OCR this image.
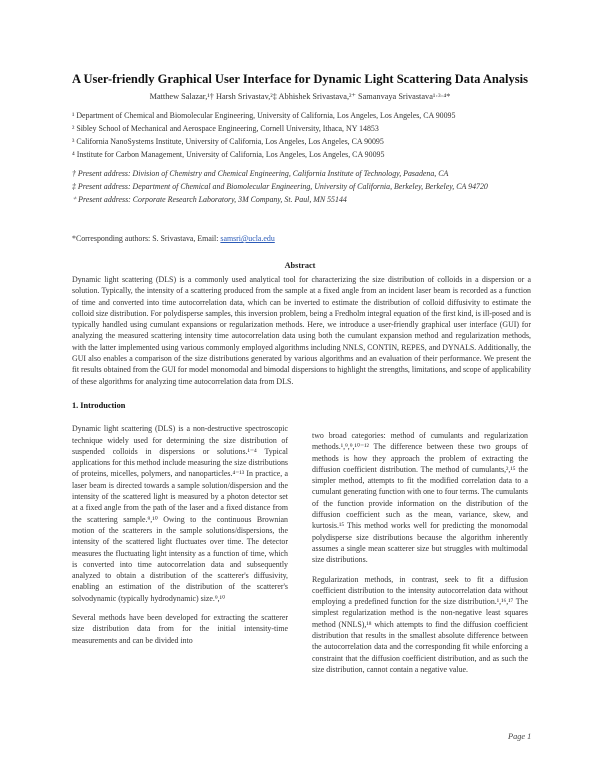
A User-friendly Graphical User Interface for Dynamic Light Scattering Data Analysis
Matthew Salazar,¹† Harsh Srivastav,²‡ Abhishek Srivastava,²⁺ Samanvaya Srivastava¹·³·⁴*
¹ Department of Chemical and Biomolecular Engineering, University of California, Los Angeles, Los Angeles, CA 90095
² Sibley School of Mechanical and Aerospace Engineering, Cornell University, Ithaca, NY 14853
³ California NanoSystems Institute, University of California, Los Angeles, Los Angeles, CA 90095
⁴ Institute for Carbon Management, University of California, Los Angeles, Los Angeles, CA 90095
† Present address: Division of Chemistry and Chemical Engineering, California Institute of Technology, Pasadena, CA
‡ Present address: Department of Chemical and Biomolecular Engineering, University of California, Berkeley, Berkeley, CA 94720
⁺ Present address: Corporate Research Laboratory, 3M Company, St. Paul, MN 55144
*Corresponding authors: S. Srivastava, Email: samsri@ucla.edu
Abstract

Dynamic light scattering (DLS) is a commonly used analytical tool for characterizing the size distribution of colloids in a dispersion or a solution. Typically, the intensity of a scattering produced from the sample at a fixed angle from an incident laser beam is recorded as a function of time and converted into time autocorrelation data, which can be inverted to estimate the distribution of colloid diffusivity to estimate the colloid size distribution. For polydisperse samples, this inversion problem, being a Fredholm integral equation of the first kind, is ill-posed and is typically handled using cumulant expansions or regularization methods. Here, we introduce a user-friendly graphical user interface (GUI) for analyzing the measured scattering intensity time autocorrelation data using both the cumulant expansion method and regularization methods, with the latter implemented using various commonly employed algorithms including NNLS, CONTIN, REPES, and DYNALS. Additionally, the GUI also enables a comparison of the size distributions generated by various algorithms and an evaluation of their performance. We present the fit results obtained from the GUI for model monomodal and bimodal dispersions to highlight the strengths, limitations, and scope of applicability of these algorithms for analyzing time autocorrelation data from DLS.

1. Introduction

Dynamic light scattering (DLS) is a non-destructive spectroscopic technique widely used for determining the size distribution of suspended colloids in dispersions or solutions.¹⁻⁴ Typical applications for this method include measuring the size distributions of proteins, micelles, polymers, and nanoparticles.⁴⁻¹³ In practice, a laser beam is directed towards a sample solution/dispersion and the intensity of the scattered light is measured by a photon detector set at a fixed angle from the path of the laser and a fixed distance from the scattering sample.⁹,¹⁰ Owing to the continuous Brownian motion of the scatterers in the sample solutions/dispersions, the intensity of the scattered light fluctuates over time. The detector measures the fluctuating light intensity as a function of time, which is converted into time autocorrelation data and subsequently analyzed to obtain a distribution of the scatterer's diffusivity, enabling an estimation of the distribution of the scatterer's solvodynamic (typically hydrodynamic) size.⁹,¹⁰

Several methods have been developed for extracting the scatterer size distribution data from for the initial intensity-time measurements and can be divided into

two broad categories: method of cumulants and regularization methods.¹,⁹,⁹,¹⁰⁻¹² The difference between these two groups of methods is how they approach the problem of extracting the diffusion coefficient distribution. The method of cumulants,²,¹⁵ the simpler method, attempts to fit the modified correlation data to a cumulant generating function with one to four terms. The cumulants of the function provide information on the distribution of the diffusion coefficient such as the mean, variance, skew, and kurtosis.¹⁵ This method works well for predicting the monomodal polydisperse size distributions because the algorithm inherently assumes a single mean scatterer size but struggles with multimodal size distributions.

Regularization methods, in contrast, seek to fit a diffusion coefficient distribution to the intensity autocorrelation data without employing a predefined function for the size distribution.¹,¹⁶,¹⁷ The simplest regularization method is the non-negative least squares method (NNLS),¹⁸ which attempts to find the diffusion coefficient distribution that results in the smallest absolute difference between the autocorrelation data and the corresponding fit while enforcing a constraint that the diffusion coefficient distribution, and as such the size distribution, cannot contain a negative value.

Page 1
